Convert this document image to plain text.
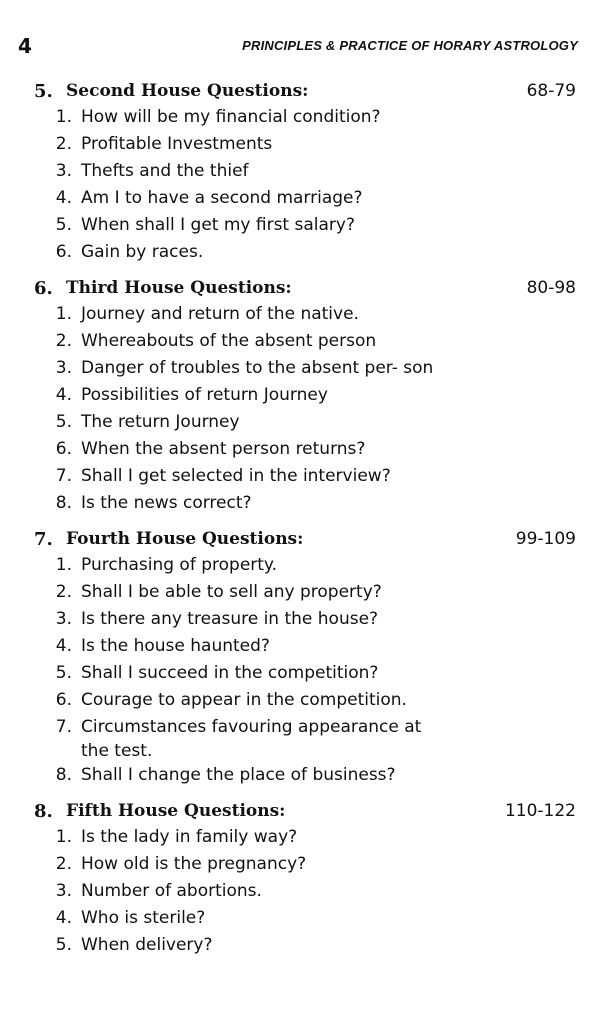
4	PRINCIPLES & PRACTICE OF HORARY ASTROLOGY
5. Second House Questions:	68-79
1. How will be my financial condition?
2. Profitable Investments
3. Thefts and the thief
4. Am I to have a second marriage?
5. When shall I get my first salary?
6. Gain by races.
6. Third House Questions:	80-98
1. Journey and return of the native.
2. Whereabouts of the absent person
3. Danger of troubles to the absent per- son
4. Possibilities of return Journey
5. The return Journey
6. When the absent person returns?
7. Shall I get selected in the interview?
8. Is the news correct?
7. Fourth House Questions:	99-109
1. Purchasing of property.
2. Shall I be able to sell any property?
3. Is there any treasure in the house?
4. Is the house haunted?
5. Shall I succeed in the competition?
6. Courage to appear in the competition.
7. Circumstances favouring appearance at the test.
8. Shall I change the place of business?
8. Fifth House Questions:	110-122
1. Is the lady in family way?
2. How old is the pregnancy?
3. Number of abortions.
4. Who is sterile?
5. When delivery?
